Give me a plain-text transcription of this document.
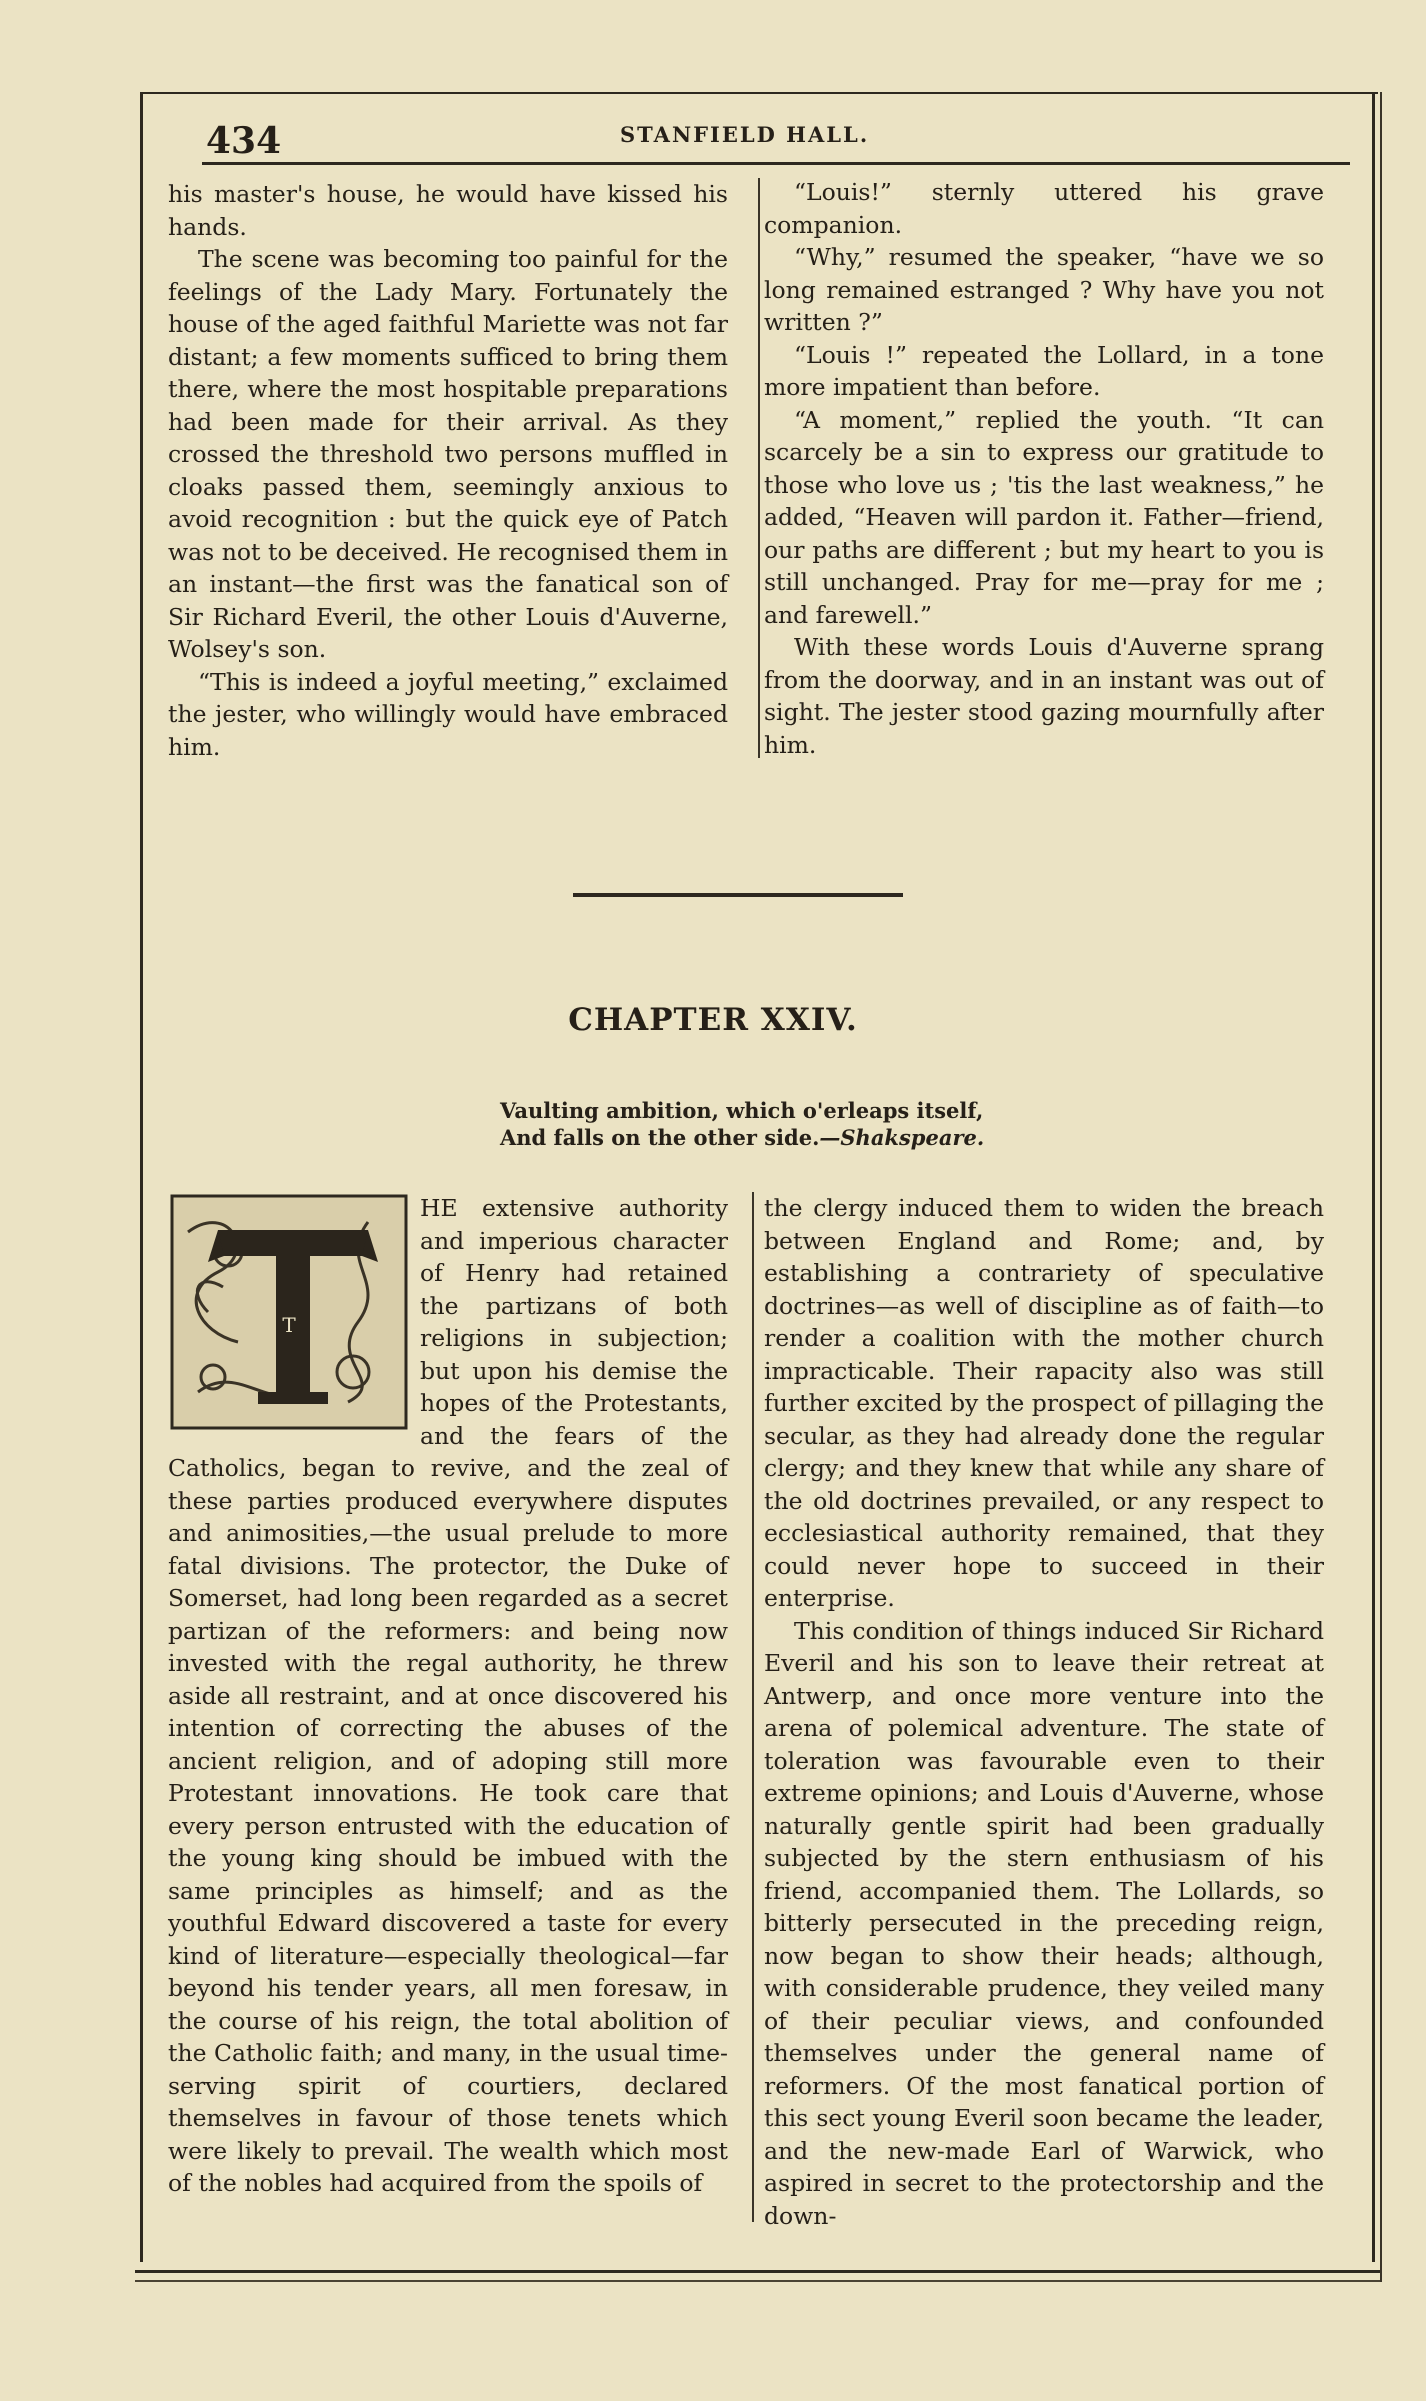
434	STANFIELD HALL.

his master's house, he would have kissed his hands.

The scene was becoming too painful for the feelings of the Lady Mary. Fortunately the house of the aged faithful Mariette was not far distant; a few moments sufficed to bring them there, where the most hospitable preparations had been made for their arrival. As they crossed the threshold two persons muffled in cloaks passed them, seemingly anxious to avoid recognition : but the quick eye of Patch was not to be deceived. He recognised them in an instant—the first was the fanatical son of Sir Richard Everil, the other Louis d'Auverne, Wolsey's son.

“This is indeed a joyful meeting,” exclaimed the jester, who willingly would have embraced him.

“Louis!” sternly uttered his grave companion.

“Why,” resumed the speaker, “have we so long remained estranged ? Why have you not written ?”

“Louis !” repeated the Lollard, in a tone more impatient than before.

“A moment,” replied the youth. “It can scarcely be a sin to express our gratitude to those who love us ; 'tis the last weakness,” he added, “Heaven will pardon it. Father—friend, our paths are different ; but my heart to you is still unchanged. Pray for me—pray for me ; and farewell.”

With these words Louis d'Auverne sprang from the doorway, and in an instant was out of sight. The jester stood gazing mournfully after him.

CHAPTER XXIV.
Vaulting ambition, which o'erleaps itself,
And falls on the other side.—Shakspeare.
T

HE extensive authority and imperious character of Henry had retained the partizans of both religions in subjection; but upon his demise the hopes of the Protestants, and the fears of the Catholics, began to revive, and the zeal of these parties produced everywhere disputes and animosities,—the usual prelude to more fatal divisions. The protector, the Duke of Somerset, had long been regarded as a secret partizan of the reformers: and being now invested with the regal authority, he threw aside all restraint, and at once discovered his intention of correcting the abuses of the ancient religion, and of adoping still more Protestant innovations. He took care that every person entrusted with the education of the young king should be imbued with the same principles as himself; and as the youthful Edward discovered a taste for every kind of literature—especially theological—far beyond his tender years, all men foresaw, in the course of his reign, the total abolition of the Catholic faith; and many, in the usual time-serving spirit of courtiers, declared themselves in favour of those tenets which were likely to prevail. The wealth which most of the nobles had acquired from the spoils of

the clergy induced them to widen the breach between England and Rome; and, by establishing a contrariety of speculative doctrines—as well of discipline as of faith—to render a coalition with the mother church impracticable. Their rapacity also was still further excited by the prospect of pillaging the secular, as they had already done the regular clergy; and they knew that while any share of the old doctrines prevailed, or any respect to ecclesiastical authority remained, that they could never hope to succeed in their enterprise.

This condition of things induced Sir Richard Everil and his son to leave their retreat at Antwerp, and once more venture into the arena of polemical adventure. The state of toleration was favourable even to their extreme opinions; and Louis d'Auverne, whose naturally gentle spirit had been gradually subjected by the stern enthusiasm of his friend, accompanied them. The Lollards, so bitterly persecuted in the preceding reign, now began to show their heads; although, with considerable prudence, they veiled many of their peculiar views, and confounded themselves under the general name of reformers. Of the most fanatical portion of this sect young Everil soon became the leader, and the new-made Earl of Warwick, who aspired in secret to the protectorship and the down-
